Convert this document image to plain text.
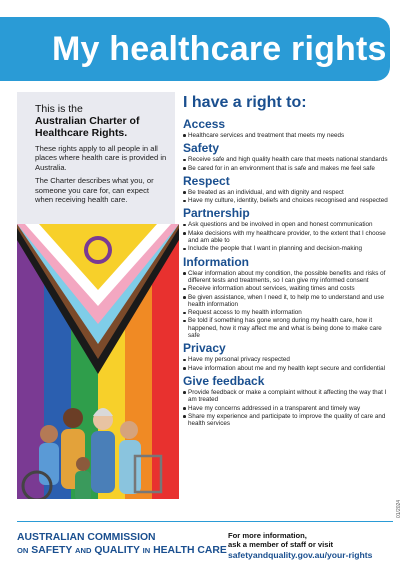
My healthcare rights
This is the
Australian Charter of Healthcare Rights.

These rights apply to all people in all places where health care is provided in Australia.

The Charter describes what you, or someone you care for, can expect when receiving health care.

I have a right to:
Access
Healthcare services and treatment that meets my needs
Safety
Receive safe and high quality health care that meets national standards
Be cared for in an environment that is safe and makes me feel safe
Respect
Be treated as an individual, and with dignity and respect
Have my culture, identity, beliefs and choices recognised and respected
Partnership
Ask questions and be involved in open and honest communication
Make decisions with my healthcare provider, to the extent that I choose and am able to
Include the people that I want in planning and decision-making
Information
Clear information about my condition, the possible benefits and risks of different tests and treatments, so I can give my informed consent
Receive information about services, waiting times and costs
Be given assistance, when I need it, to help me to understand and use health information
Request access to my health information
Be told if something has gone wrong during my health care, how it happened, how it may affect me and what is being done to make care safe
Privacy
Have my personal privacy respected
Have information about me and my health kept secure and confidential
Give feedback
Provide feedback or make a complaint without it affecting the way that I am treated
Have my concerns addressed in a transparent and timely way
Share my experience and participate to improve the quality of care and health services
01/2024
AUSTRALIAN COMMISSION
ON SAFETY AND QUALITY IN HEALTH CARE
For more information,
ask a member of staff or visit
safetyandquality.gov.au/your-rights
